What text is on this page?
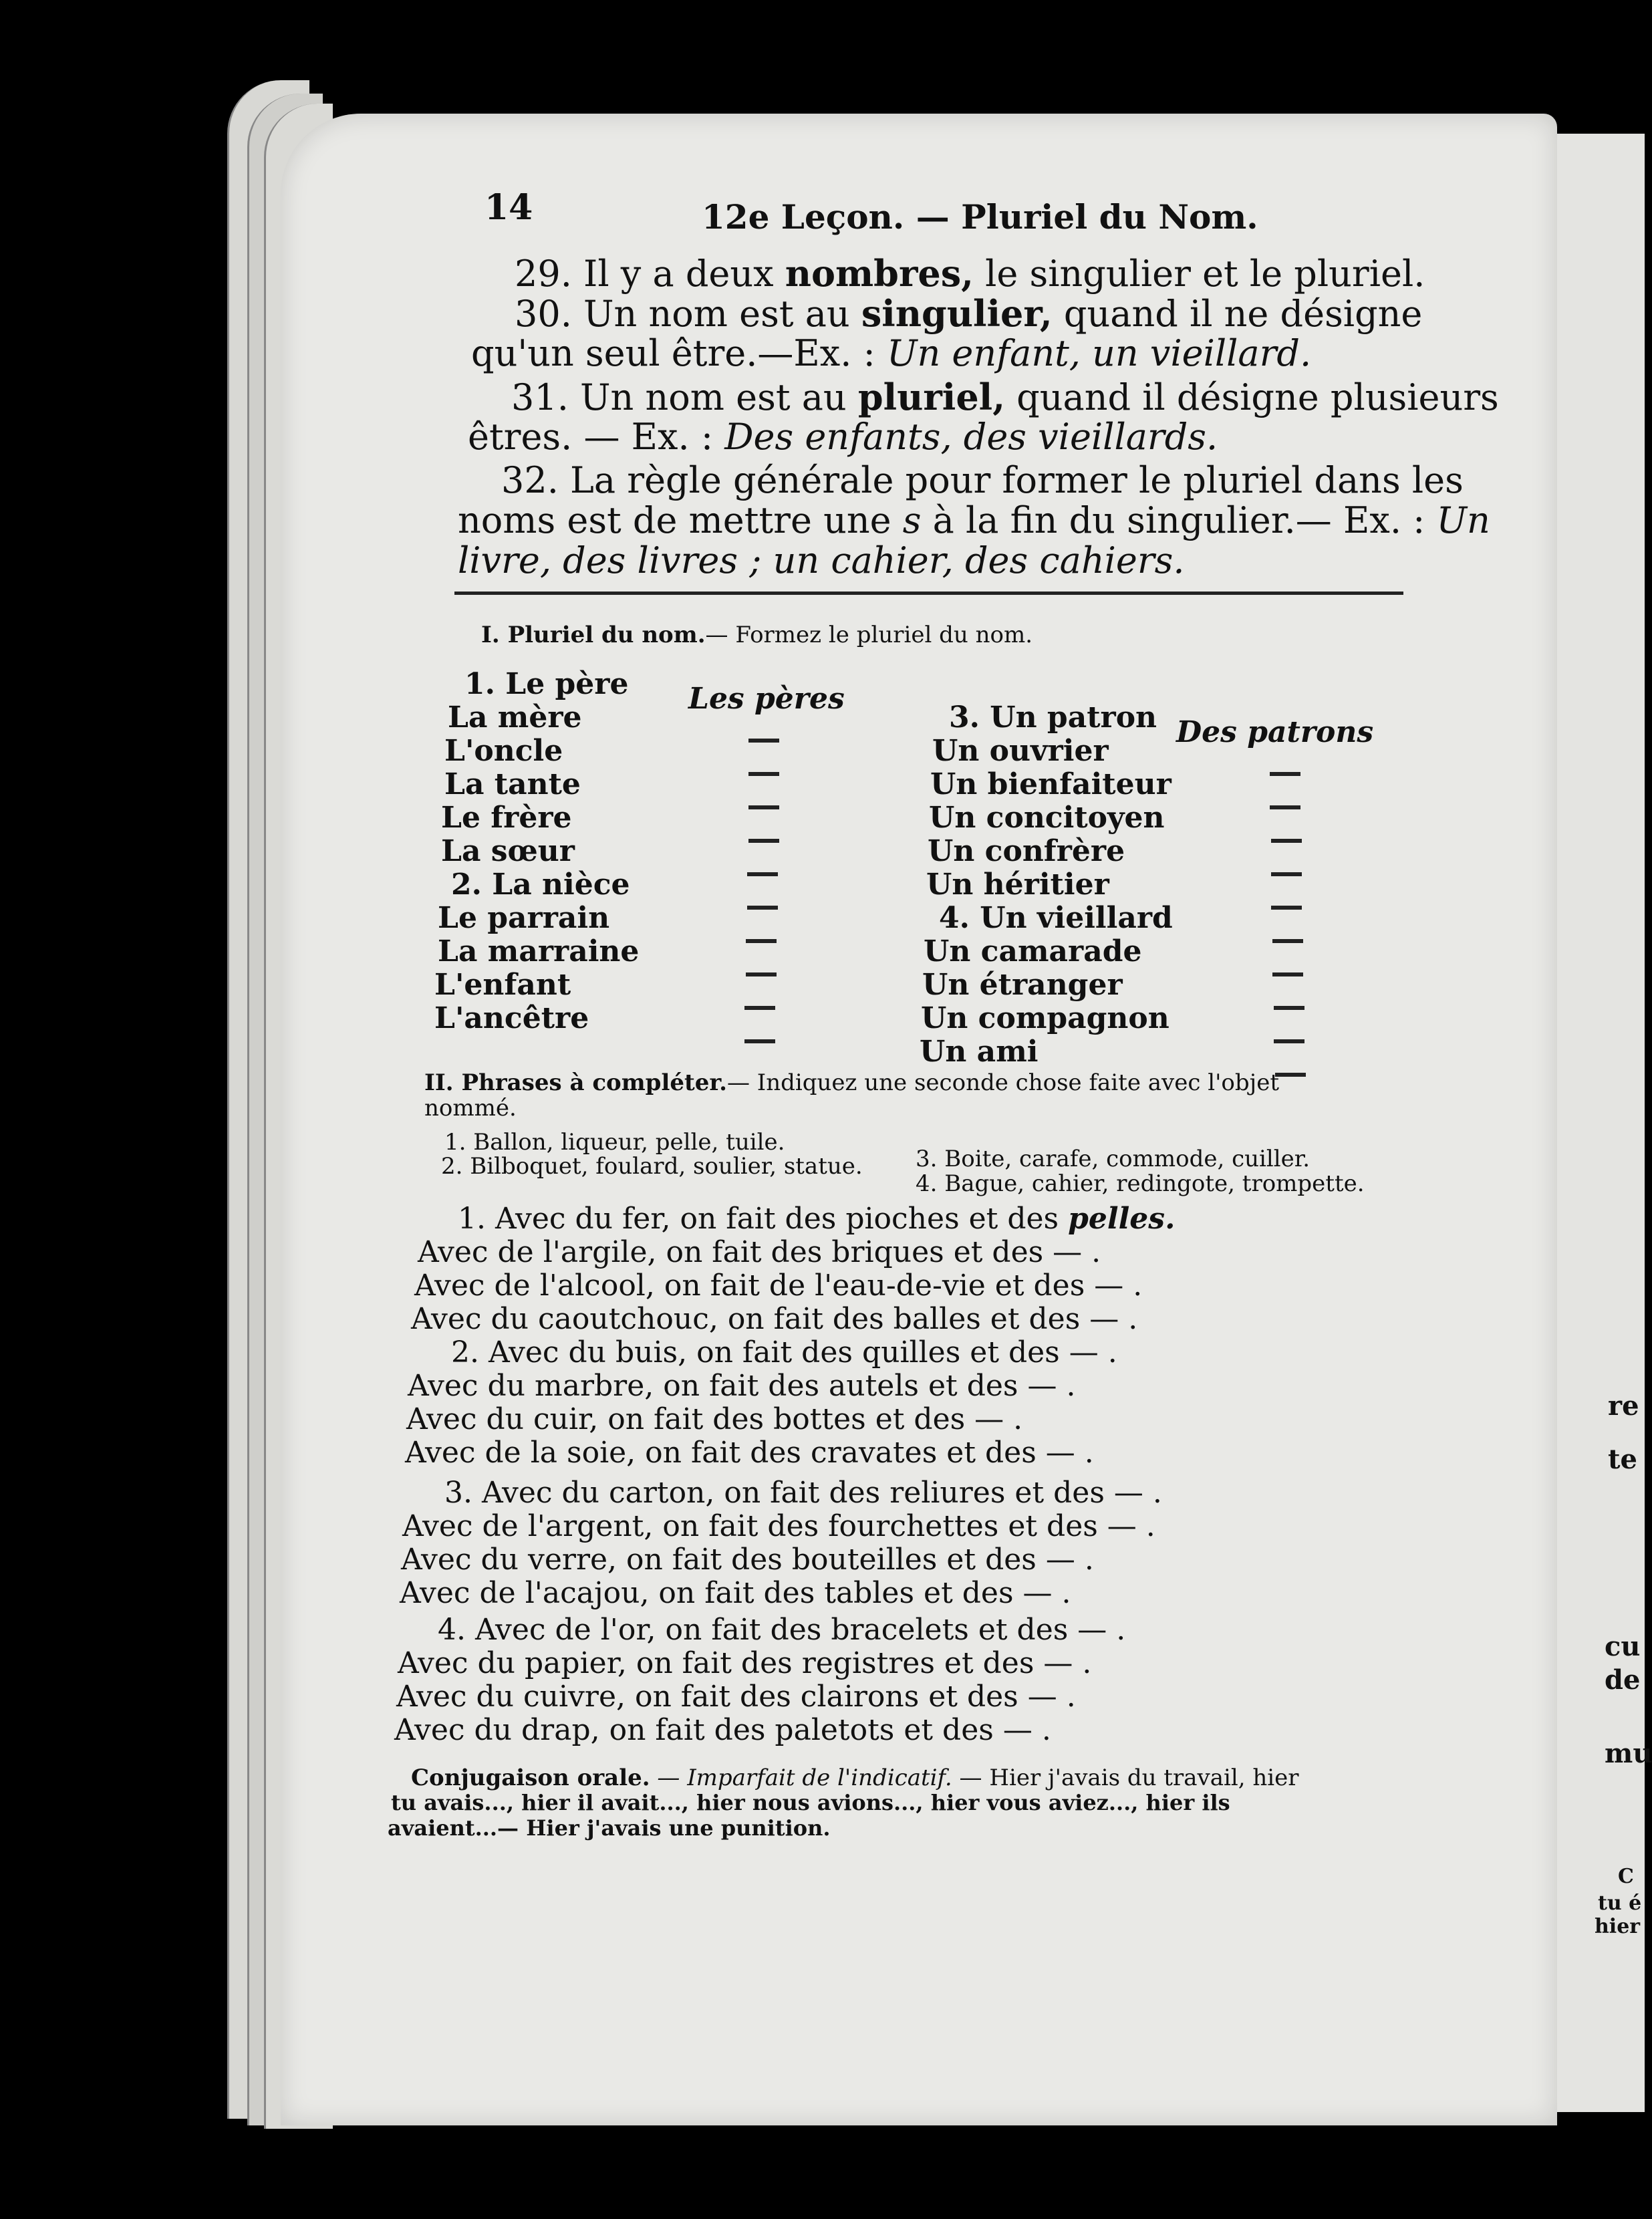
re
te
cu
de
mu
C
tu é
hier
14	12e Leçon. — Pluriel du Nom.
29. Il y a deux nombres, le singulier et le pluriel.
30. Un nom est au singulier, quand il ne désigne
qu'un seul être.—Ex. : Un enfant, un vieillard.
31. Un nom est au pluriel, quand il désigne plusieurs
êtres. — Ex. : Des enfants, des vieillards.
32. La règle générale pour former le pluriel dans les
noms est de mettre une s à la fin du singulier.— Ex. : Un
livre, des livres ; un cahier, des cahiers.
I. Pluriel du nom.— Formez le pluriel du nom.
Les pères
Des patrons
1. Le père
La mère
L'oncle
La tante
Le frère
La sœur
2. La nièce
Le parrain
La marraine
L'enfant
L'ancêtre
3. Un patron
Un ouvrier
Un bienfaiteur
Un concitoyen
Un confrère
Un héritier
4. Un vieillard
Un camarade
Un étranger
Un compagnon
Un ami
II. Phrases à compléter.— Indiquez une seconde chose faite avec l'objet
nommé.
1. Ballon, liqueur, pelle, tuile.
2. Bilboquet, foulard, soulier, statue. 3. Boite, carafe, commode, cuiller.
4. Bague, cahier, redingote, trompette.
1. Avec du fer, on fait des pioches et des pelles.
Avec de l'argile, on fait des briques et des — .
Avec de l'alcool, on fait de l'eau-de-vie et des — .
Avec du caoutchouc, on fait des balles et des — .
2. Avec du buis, on fait des quilles et des — .
Avec du marbre, on fait des autels et des — .
Avec du cuir, on fait des bottes et des — .
Avec de la soie, on fait des cravates et des — .
3. Avec du carton, on fait des reliures et des — .
Avec de l'argent, on fait des fourchettes et des — .
Avec du verre, on fait des bouteilles et des — .
Avec de l'acajou, on fait des tables et des — .
4. Avec de l'or, on fait des bracelets et des — .
Avec du papier, on fait des registres et des — .
Avec du cuivre, on fait des clairons et des — .
Avec du drap, on fait des paletots et des — .
Conjugaison orale. — Imparfait de l'indicatif. — Hier j'avais du travail, hier
tu avais..., hier il avait..., hier nous avions..., hier vous aviez..., hier ils
avaient...— Hier j'avais une punition.
